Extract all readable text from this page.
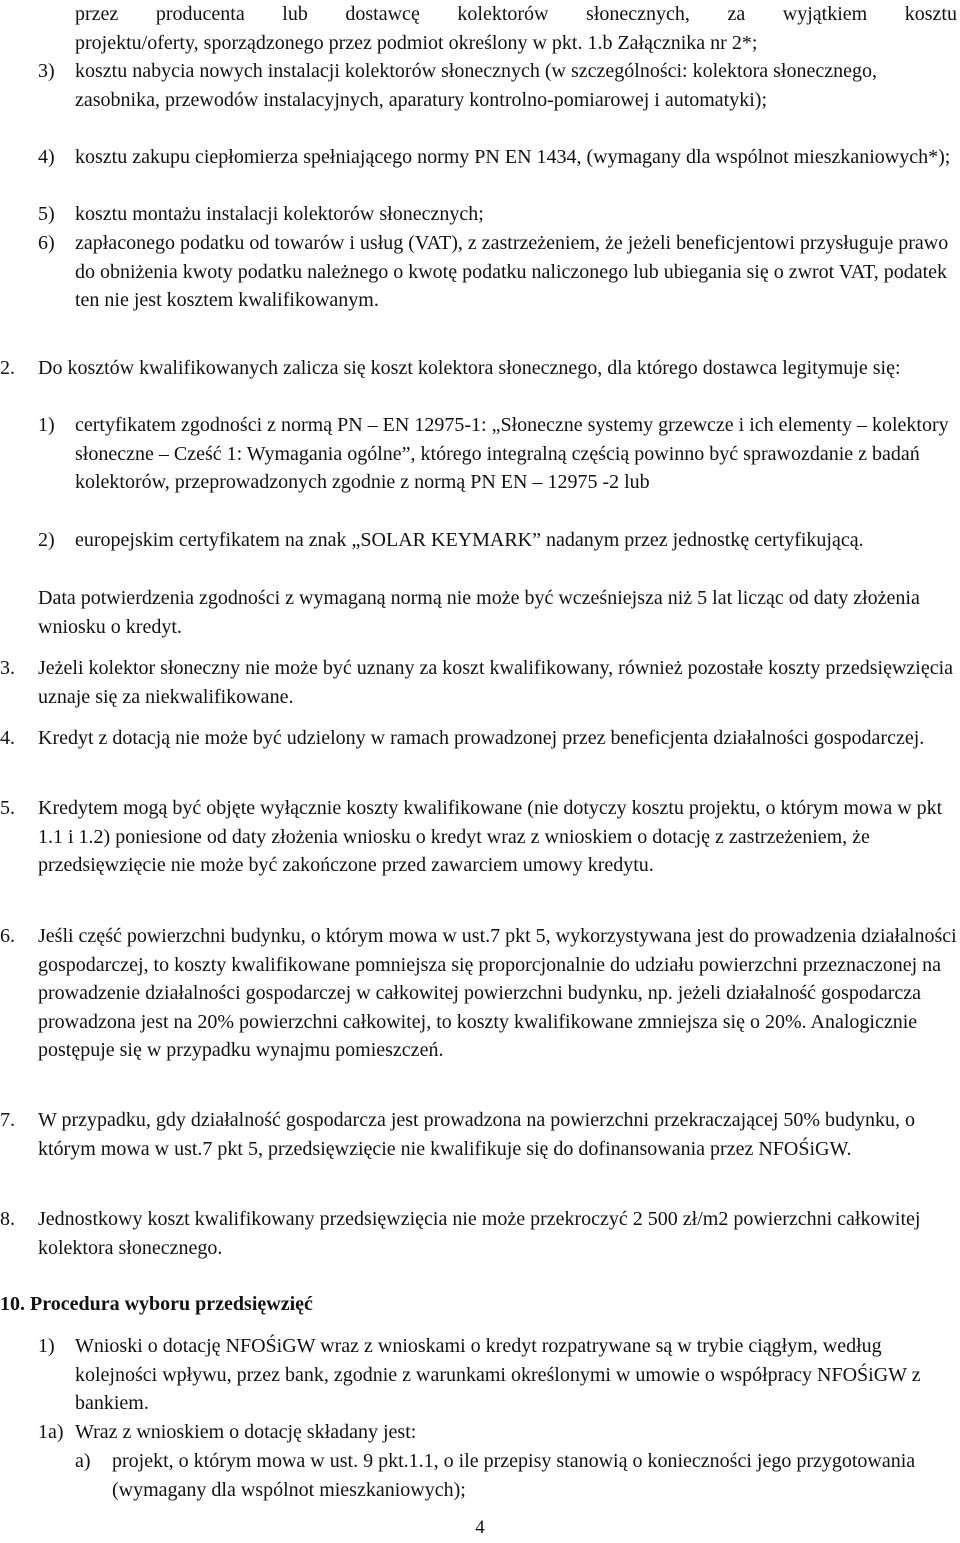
przez producenta lub dostawcę kolektorów słonecznych, za wyjątkiem kosztu

projektu/oferty, sporządzonego przez podmiot określony w pkt. 1.b Załącznika nr 2*;

3) kosztu nabycia nowych instalacji kolektorów słonecznych (w szczególności: kolektora słonecznego, zasobnika, przewodów instalacyjnych, aparatury kontrolno-pomiarowej i automatyki);

4) kosztu zakupu ciepłomierza spełniającego normy PN EN 1434, (wymagany dla wspólnot mieszkaniowych*);

5) kosztu montażu instalacji kolektorów słonecznych;

6) zapłaconego podatku od towarów i usług (VAT), z zastrzeżeniem, że jeżeli beneficjentowi przysługuje prawo do obniżenia kwoty podatku należnego o kwotę podatku naliczonego lub ubiegania się o zwrot VAT, podatek ten nie jest kosztem kwalifikowanym.

2. Do kosztów kwalifikowanych zalicza się koszt kolektora słonecznego, dla którego dostawca legitymuje się:

1) certyfikatem zgodności z normą PN – EN 12975-1: „Słoneczne systemy grzewcze i ich elementy – kolektory słoneczne – Cześć 1: Wymagania ogólne”, którego integralną częścią powinno być sprawozdanie z badań kolektorów, przeprowadzonych zgodnie z normą PN EN – 12975 -2 lub

2) europejskim certyfikatem na znak „SOLAR KEYMARK” nadanym przez jednostkę certyfikującą.

Data potwierdzenia zgodności z wymaganą normą nie może być wcześniejsza niż 5 lat licząc od daty złożenia wniosku o kredyt.

3. Jeżeli kolektor słoneczny nie może być uznany za koszt kwalifikowany, również pozostałe koszty przedsięwzięcia uznaje się za niekwalifikowane.

4. Kredyt z dotacją nie może być udzielony w ramach prowadzonej przez beneficjenta działalności gospodarczej.

5. Kredytem mogą być objęte wyłącznie koszty kwalifikowane (nie dotyczy kosztu projektu, o którym mowa w pkt 1.1 i 1.2) poniesione od daty złożenia wniosku o kredyt wraz z wnioskiem o dotację z zastrzeżeniem, że przedsięwzięcie nie może być zakończone przed zawarciem umowy kredytu.

6. Jeśli część powierzchni budynku, o którym mowa w ust.7 pkt 5, wykorzystywana jest do prowadzenia działalności gospodarczej, to koszty kwalifikowane pomniejsza się proporcjonalnie do udziału powierzchni przeznaczonej na prowadzenie działalności gospodarczej w całkowitej powierzchni budynku, np. jeżeli działalność gospodarcza prowadzona jest na 20% powierzchni całkowitej, to koszty kwalifikowane zmniejsza się o 20%. Analogicznie postępuje się w przypadku wynajmu pomieszczeń.

7. W przypadku, gdy działalność gospodarcza jest prowadzona na powierzchni przekraczającej 50% budynku, o którym mowa w ust.7 pkt 5, przedsięwzięcie nie kwalifikuje się do dofinansowania przez NFOŚiGW.

8. Jednostkowy koszt kwalifikowany przedsięwzięcia nie może przekroczyć 2 500 zł/m2 powierzchni całkowitej kolektora słonecznego.

10. Procedura wyboru przedsięwzięć

1) Wnioski o dotację NFOŚiGW wraz z wnioskami o kredyt rozpatrywane są w trybie ciągłym, według kolejności wpływu, przez bank, zgodnie z warunkami określonymi w umowie o współpracy NFOŚiGW z bankiem.

1a) Wraz z wnioskiem o dotację składany jest:

a) projekt, o którym mowa w ust. 9 pkt.1.1, o ile przepisy stanowią o konieczności jego przygotowania (wymagany dla wspólnot mieszkaniowych);

4
